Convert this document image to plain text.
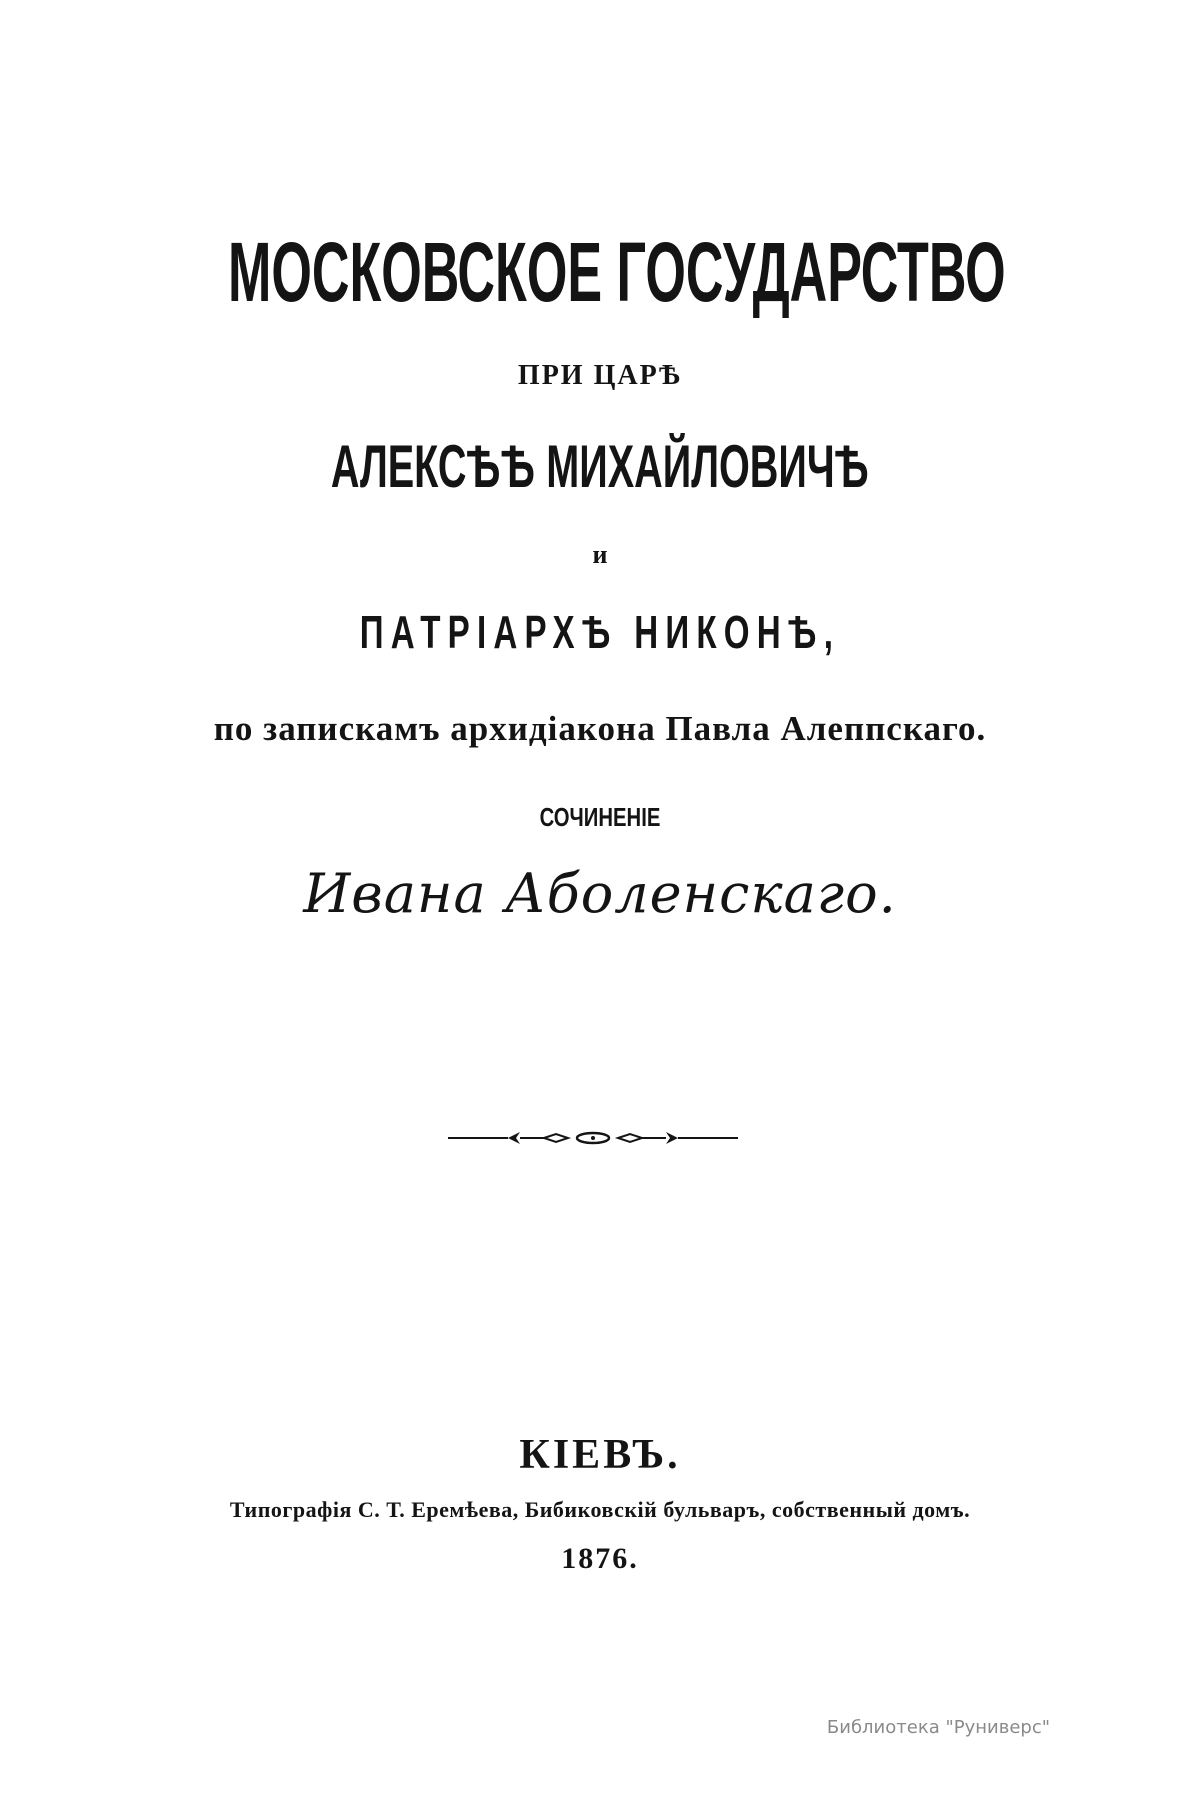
МОСКОВСКОЕ ГОСУДАРСТВО
ПРИ ЦАРѢ
АЛЕКСѢѢ МИХАЙЛОВИЧѢ
и
ПАТРІАРХѢ НИКОНѢ,
по запискамъ архидіакона Павла Алеппскаго.
СОЧИНЕНІЕ
Ивана Аболенскаго.
КІЕВЪ.
Типографія С. Т. Еремѣева, Бибиковскій бульваръ, собственный домъ.
1876.
Библиотека "Руниверс"
